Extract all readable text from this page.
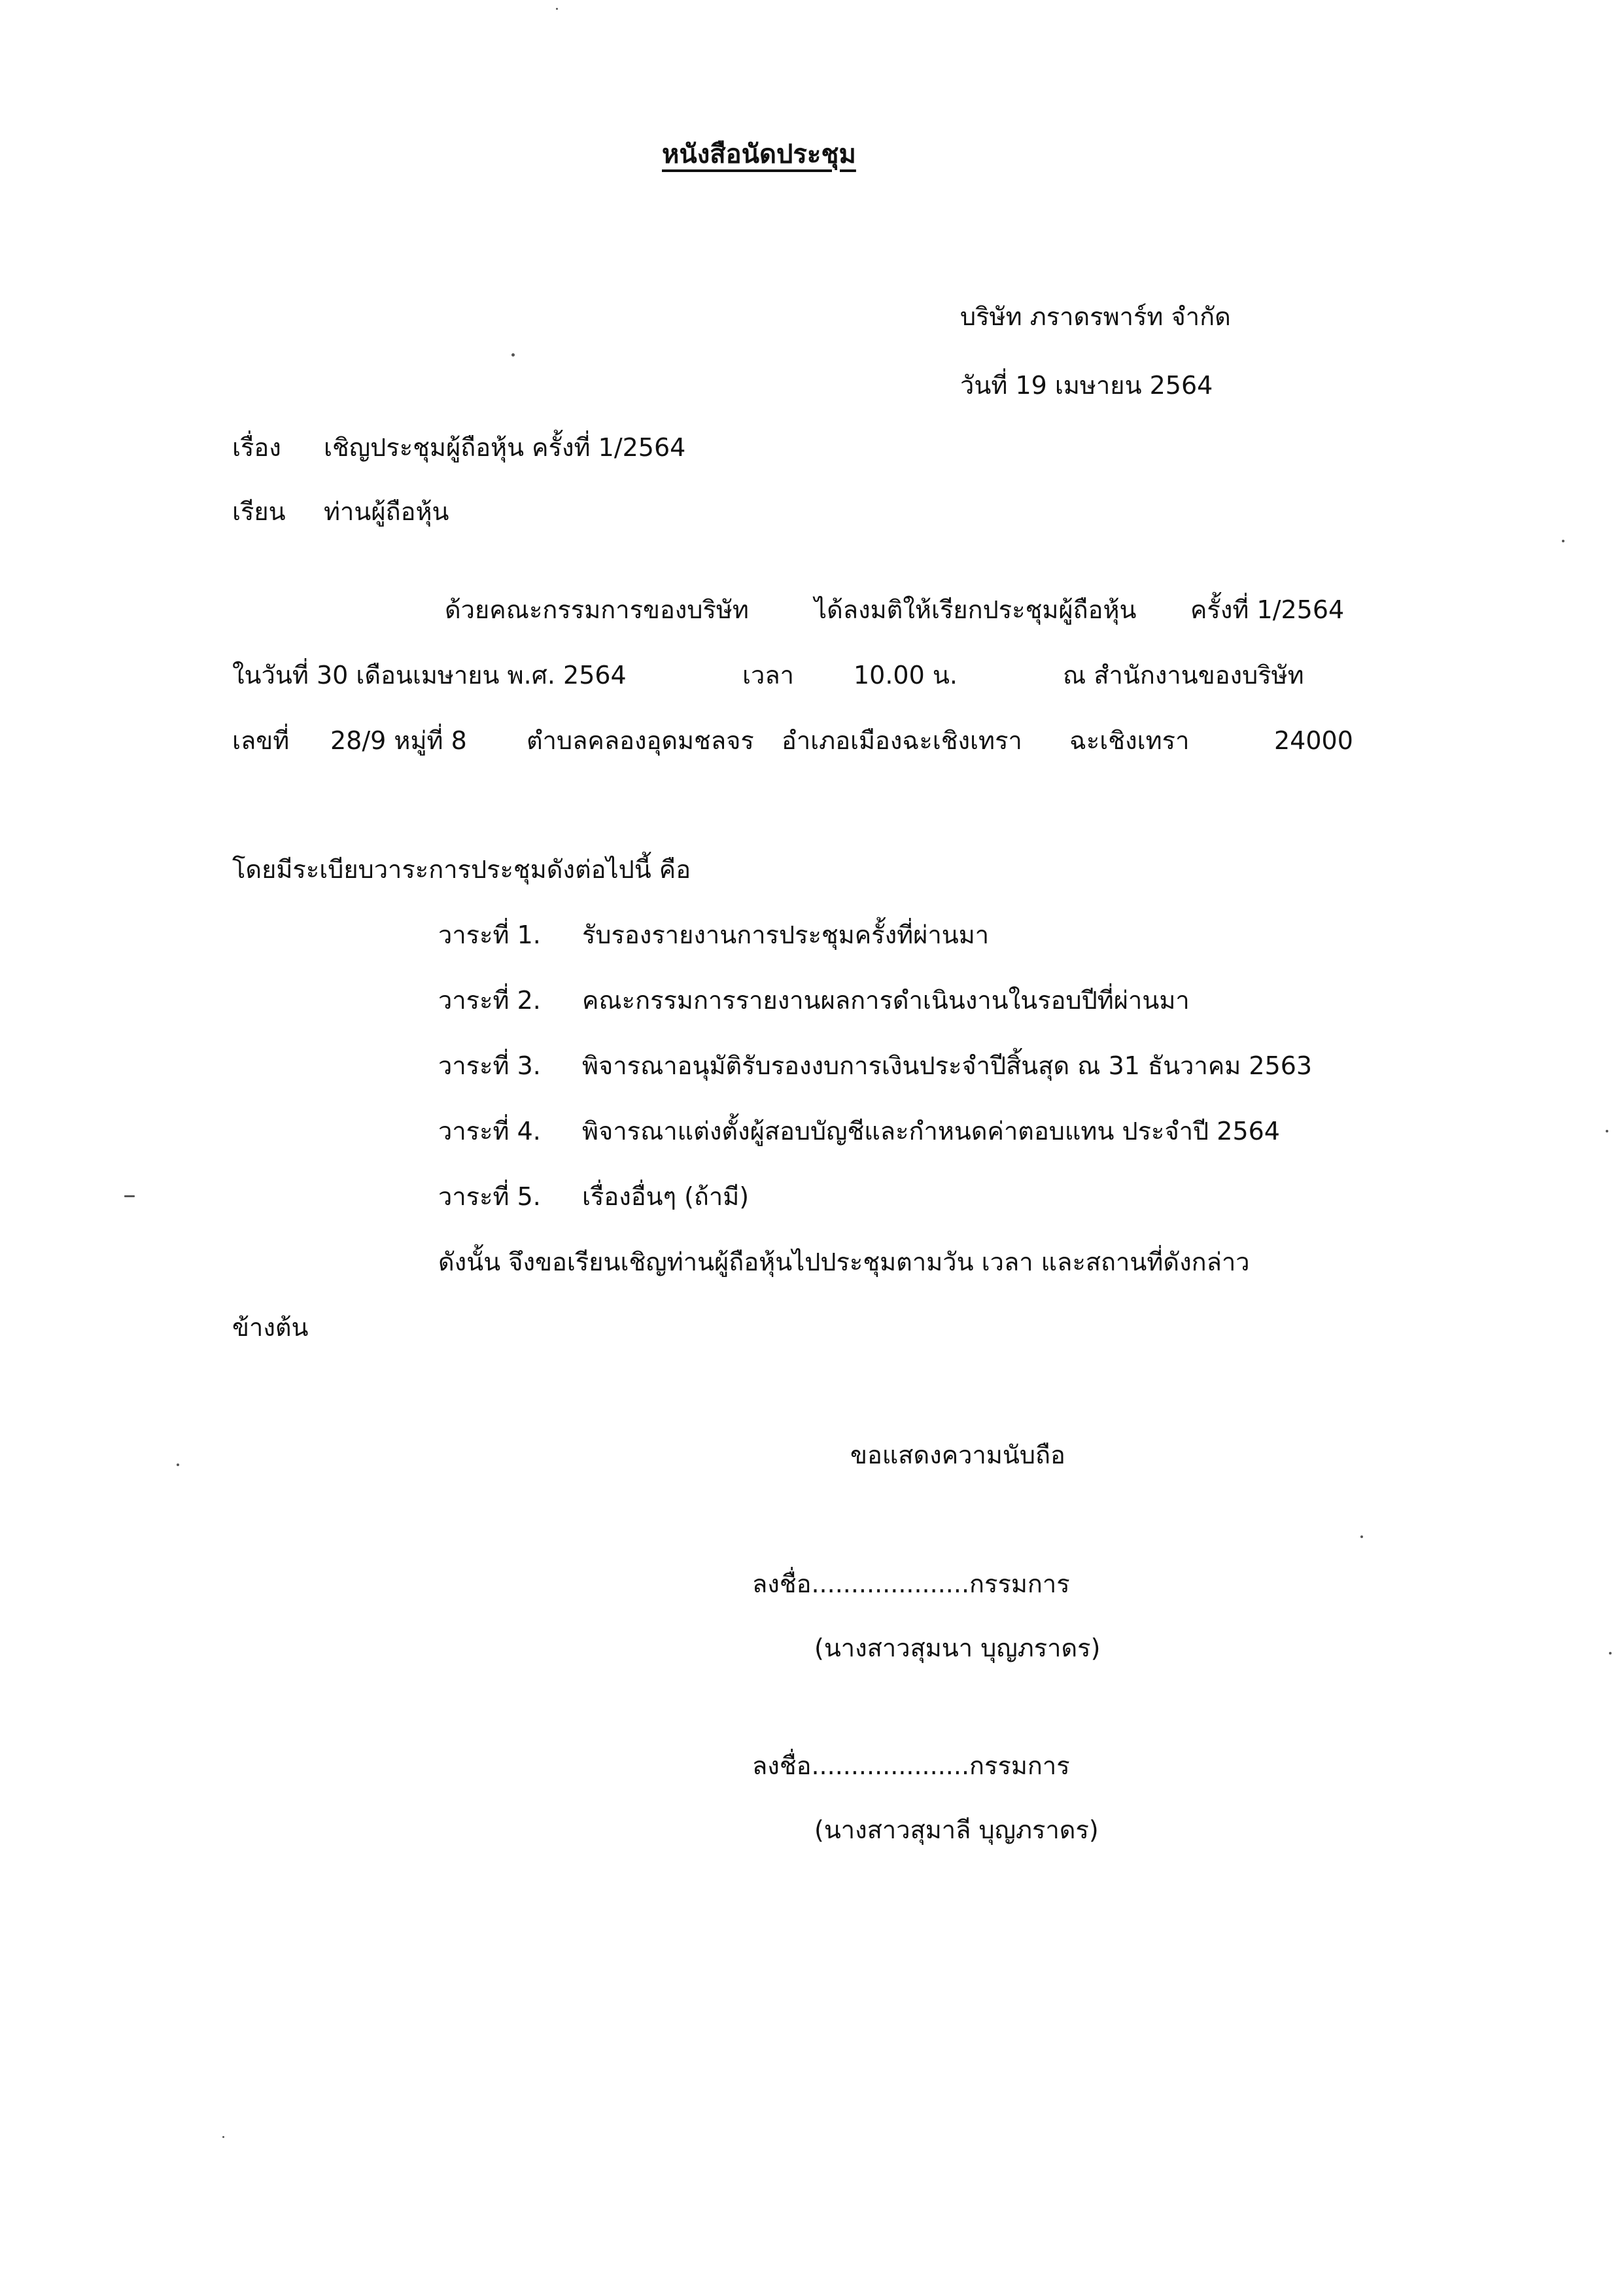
หนังสือนัดประชุม
บริษัท ภราดรพาร์ท จำกัด
วันที่ 19 เมษายน 2564
เรื่อง เชิญประชุมผู้ถือหุ้น ครั้งที่ 1/2564
เรียน ท่านผู้ถือหุ้น
ด้วยคณะกรรมการของบริษัท	ได้ลงมติให้เรียกประชุมผู้ถือหุ้น ครั้งที่ 1/2564
ในวันที่ 30 เดือนเมษายน พ.ศ. 2564	เวลา 10.00 น.	ณ สำนักงานของบริษัท
เลขที่ 28/9 หมู่ที่ 8 ตำบลคลองอุดมชลจร อำเภอเมืองฉะเชิงเทรา ฉะเชิงเทรา	24000
โดยมีระเบียบวาระการประชุมดังต่อไปนี้ คือ
วาระที่ 1. รับรองรายงานการประชุมครั้งที่ผ่านมา
วาระที่ 2. คณะกรรมการรายงานผลการดำเนินงานในรอบปีที่ผ่านมา
วาระที่ 3. พิจารณาอนุมัติรับรองงบการเงินประจำปีสิ้นสุด ณ 31 ธันวาคม 2563
วาระที่ 4. พิจารณาแต่งตั้งผู้สอบบัญชีและกำหนดค่าตอบแทน ประจำปี 2564
วาระที่ 5. เรื่องอื่นๆ (ถ้ามี)
ดังนั้น จึงขอเรียนเชิญท่านผู้ถือหุ้นไปประชุมตามวัน เวลา และสถานที่ดังกล่าว
ข้างต้น
ขอแสดงความนับถือ
ลงชื่อ....................กรรมการ
(นางสาวสุมนา บุญภราดร)
ลงชื่อ....................กรรมการ
(นางสาวสุมาลี บุญภราดร)
